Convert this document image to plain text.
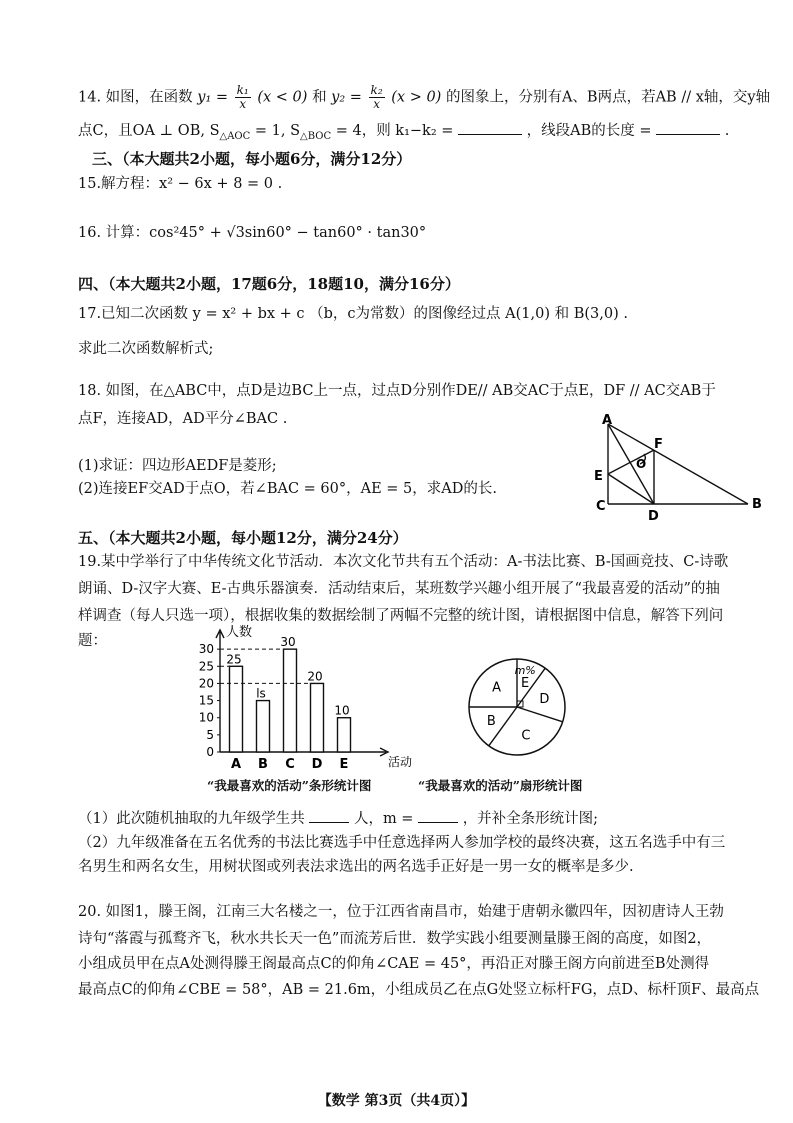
14. 如图，在函数 $y_1 = \frac{\text{k₁}}{x} (x < 0)$ 和 $y_2 = \frac{\text{k₂}}{x} (x > 0)$ 的图象上，分别有A、B两点，若AB // x轴，交y轴
点C，且OA ⊥ OB, $S_{\triangle AOC} = 1$, $S_{\triangle BOC} = 4$，则 k₁−k₂ =	，线段AB的长度 =	.
三、（本大题共2小题，每小题6分，满分12分）
15.解方程：x² − 6x + 8 = 0 .
16. 计算：cos²45° + √3sin60° − tan60° · tan30°
四、（本大题共2小题，17题6分，18题10，满分16分）
17.已知二次函数 y = x² + bx + c （b，c为常数）的图像经过点 A(1,0) 和 B(3,0) .
求此二次函数解析式;
18. 如图，在△ABC中，点D是边BC上一点，过点D分别作DE// AB交AC于点E，DF // AC交AB于
点F，连接AD，AD平分∠BAC .
(1)求证：四边形AEDF是菱形;
(2)连接EF交AD于点O，若∠BAC = 60°，AE = 5，求AD的长.
A
C	B
D
E
F
O
五、（本大题共2小题，每小题12分，满分24分）
19.某中学举行了中华传统文化节活动．本次文化节共有五个活动：A-书法比赛、B-国画竞技、C-诗歌
朗诵、D-汉字大赛、E-古典乐器演奏．活动结束后，某班数学兴趣小组开展了“我最喜爱的活动”的抽
样调查（每人只选一项），根据收集的数据绘制了两幅不完整的统计图，请根据图中信息，解答下列问
题：
人数
活动
0
5
10
15
20
25
30
25
A
ls
B
30
C
20
D
10
E
E
m%
D
C
B
A
“我最喜欢的活动”条形统计图	“我最喜欢的活动”扇形统计图
（1）此次随机抽取的九年级学生共	人，m =	，并补全条形统计图;
（2）九年级准备在五名优秀的书法比赛选手中任意选择两人参加学校的最终决赛，这五名选手中有三
名男生和两名女生，用树状图或列表法求选出的两名选手正好是一男一女的概率是多少.
20. 如图1，滕王阁，江南三大名楼之一，位于江西省南昌市，始建于唐朝永徽四年，因初唐诗人王勃
诗句“落霞与孤鹜齐飞，秋水共长天一色”而流芳后世．数学实践小组要测量滕王阁的高度，如图2，
小组成员甲在点A处测得滕王阁最高点C的仰角∠CAE = 45°，再沿正对滕王阁方向前进至B处测得
最高点C的仰角∠CBE = 58°，AB = 21.6m，小组成员乙在点G处竖立标杆FG，点D、标杆顶F、最高点
【数学 第3页（共4页）】
